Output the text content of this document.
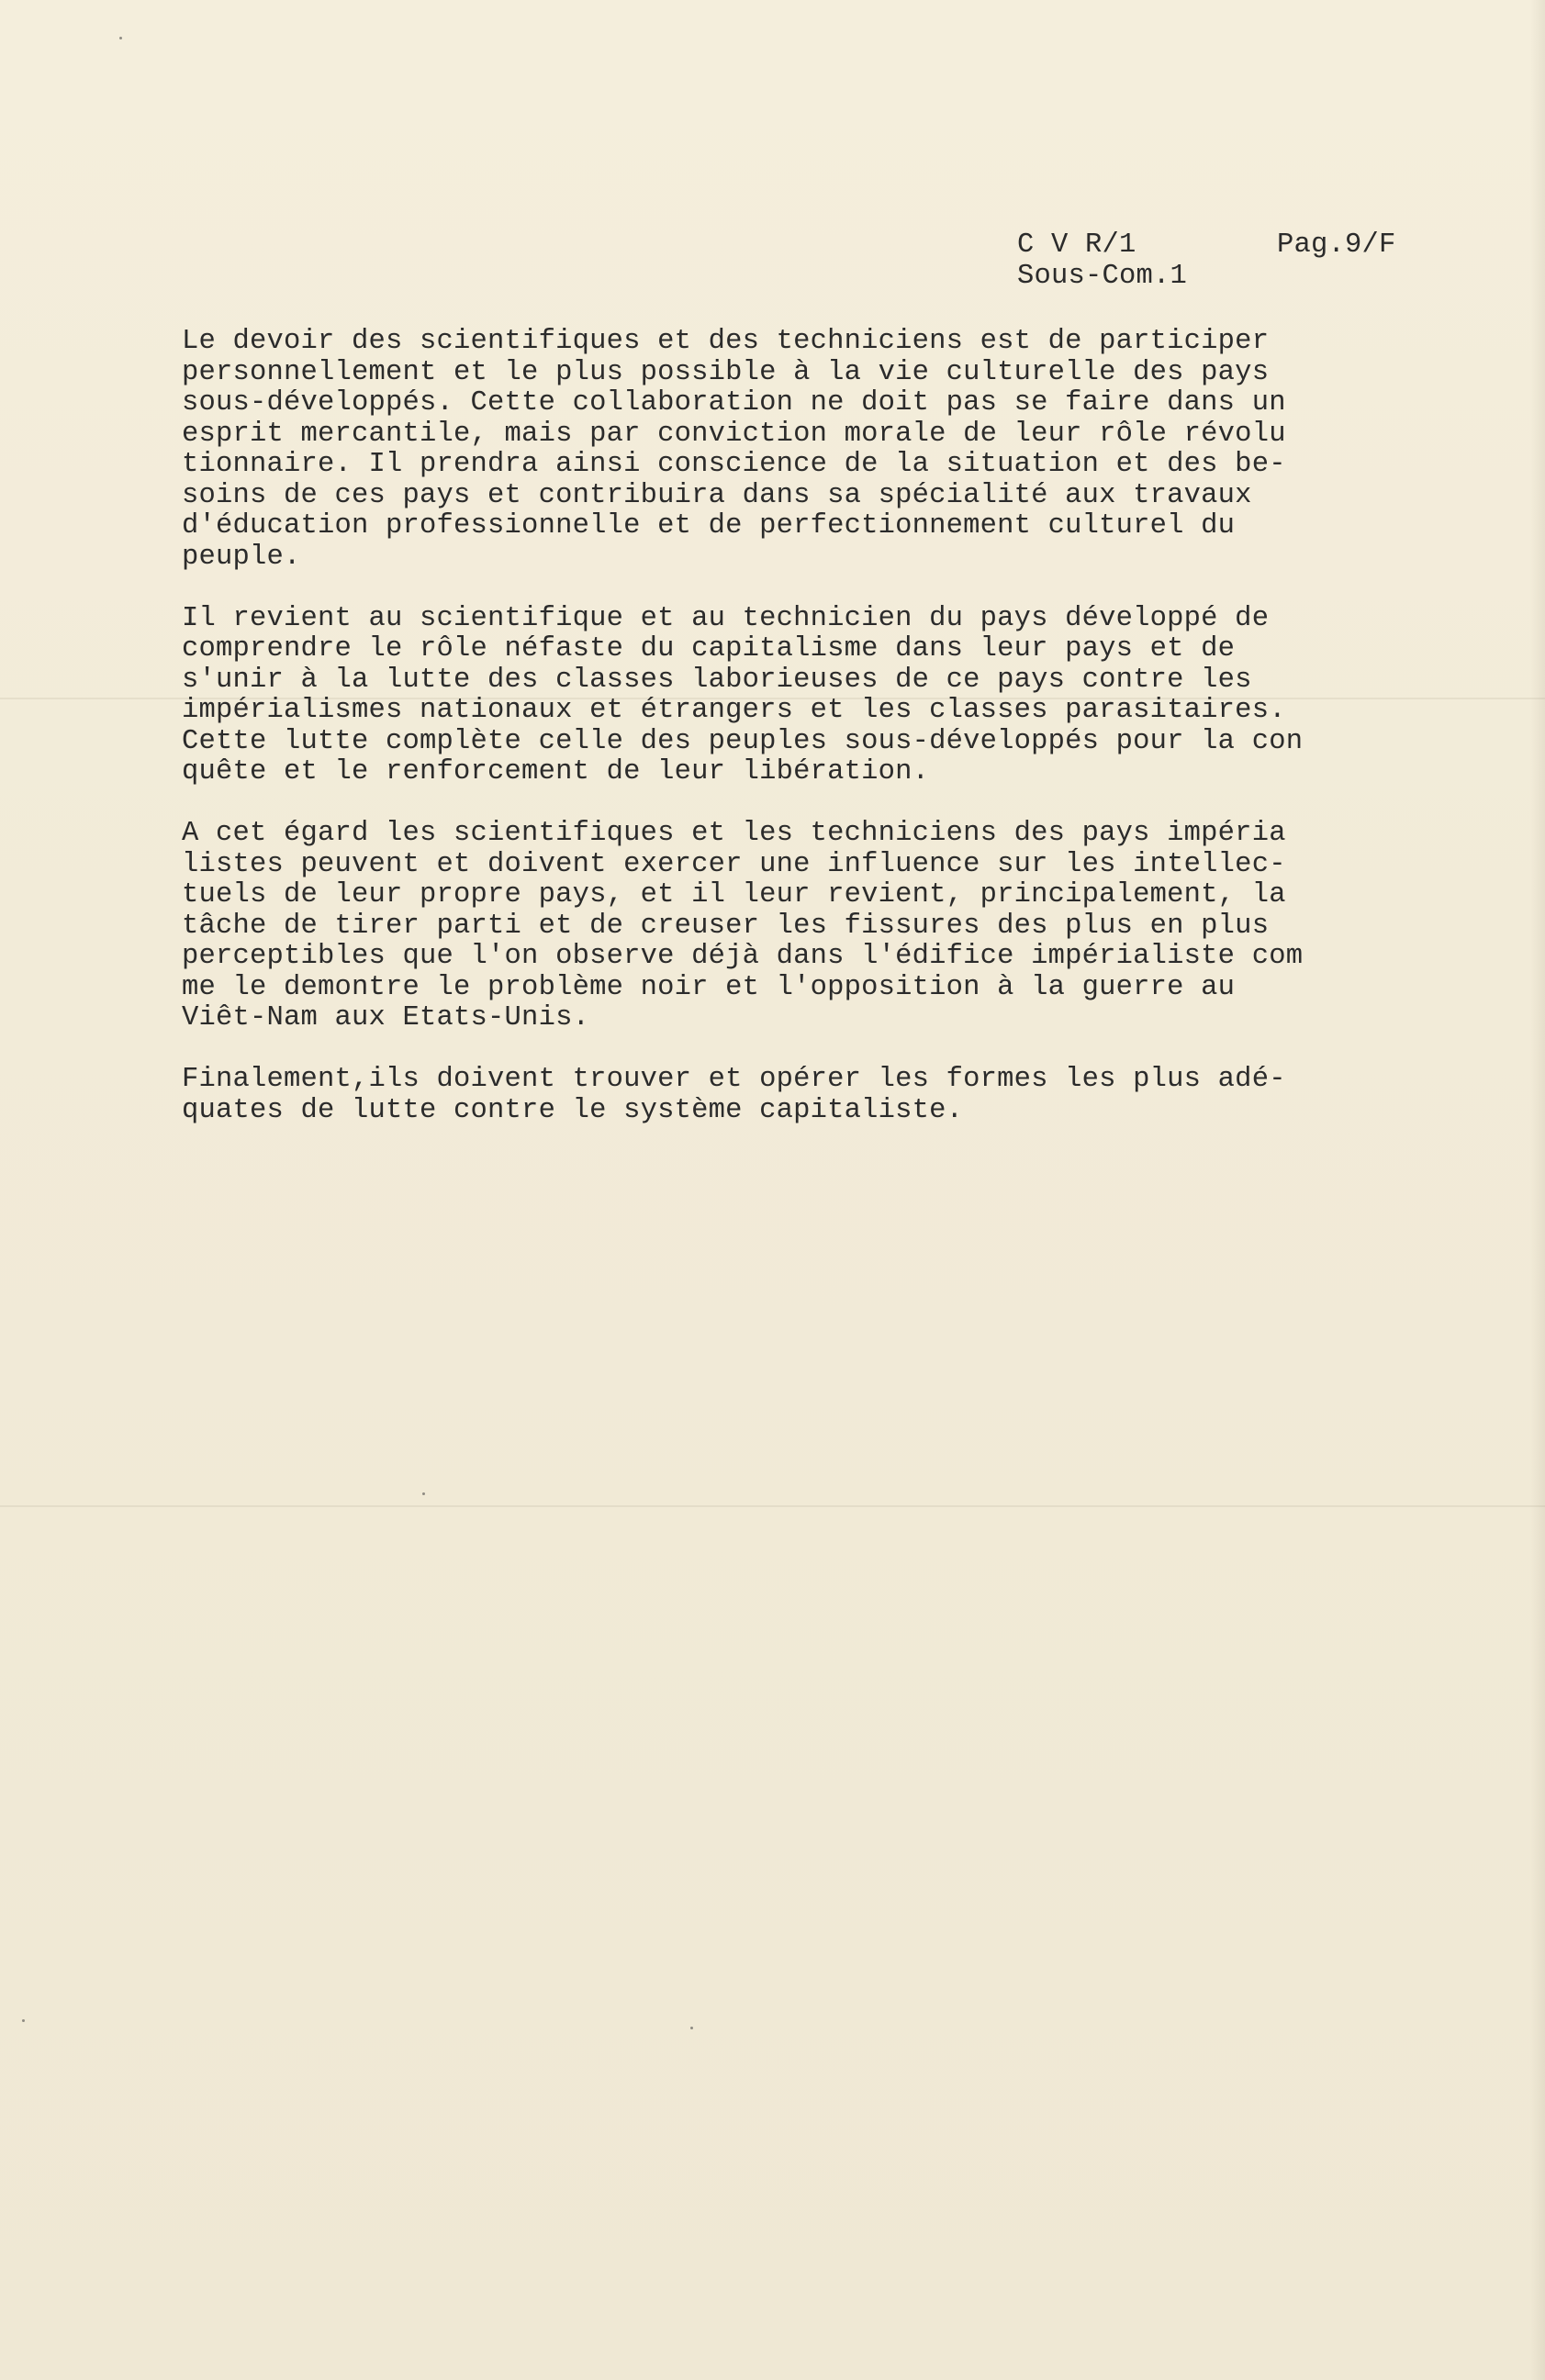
C V R/1	Pag.9/F
Sous-Com.1
Le devoir des scientifiques et des techniciens est de participer
personnellement et le plus possible à la vie culturelle des pays
sous-développés. Cette collaboration ne doit pas se faire dans un
esprit mercantile, mais par conviction morale de leur rôle révolu
tionnaire. Il prendra ainsi conscience de la situation et des be-
soins de ces pays et contribuira dans sa spécialité aux travaux
d'éducation professionnelle et de perfectionnement culturel du
peuple.
Il revient au scientifique et au technicien du pays développé de
comprendre le rôle néfaste du capitalisme dans leur pays et de
s'unir à la lutte des classes laborieuses de ce pays contre les
impérialismes nationaux et étrangers et les classes parasitaires.
Cette lutte complète celle des peuples sous-développés pour la con
quête et le renforcement de leur libération.
A cet égard les scientifiques et les techniciens des pays impéria
listes peuvent et doivent exercer une influence sur les intellec-
tuels de leur propre pays, et il leur revient, principalement, la
tâche de tirer parti et de creuser les fissures des plus en plus
perceptibles que l'on observe déjà dans l'édifice impérialiste com
me le demontre le problème noir et l'opposition à la guerre au
Viêt-Nam aux Etats-Unis.
Finalement,ils doivent trouver et opérer les formes les plus adé-
quates de lutte contre le système capitaliste.
